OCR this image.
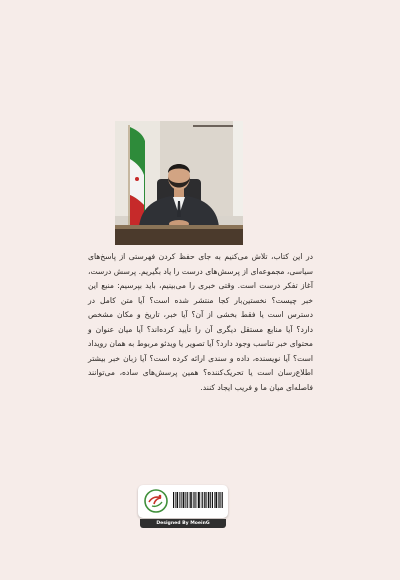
در این کتاب، تلاش می‌کنیم به جای حفظ کردن فهرستی از پاسخ‌های سیاسی، مجموعه‌ای از پرسش‌های درست را یاد بگیریم. پرسش درست، آغاز تفکر درست است. وقتی خبری را می‌بینیم، باید بپرسیم: منبع این خبر چیست؟ نخستین‌بار کجا منتشر شده است؟ آیا متن کامل در دسترس است یا فقط بخشی از آن؟ آیا خبر، تاریخ و مکان مشخص دارد؟ آیا منابع مستقل دیگری آن را تأیید کرده‌اند؟ آیا میان عنوان و محتوای خبر تناسب وجود دارد؟ آیا تصویر یا ویدئو مربوط به همان رویداد است؟ آیا نویسنده، داده و سندی ارائه کرده است؟ آیا زبان خبر بیشتر اطلاع‌رسان است یا تحریک‌کننده؟ همین پرسش‌های ساده، می‌توانند فاصله‌ای میان ما و فریب ایجاد کنند.

Designed By MoeinG
